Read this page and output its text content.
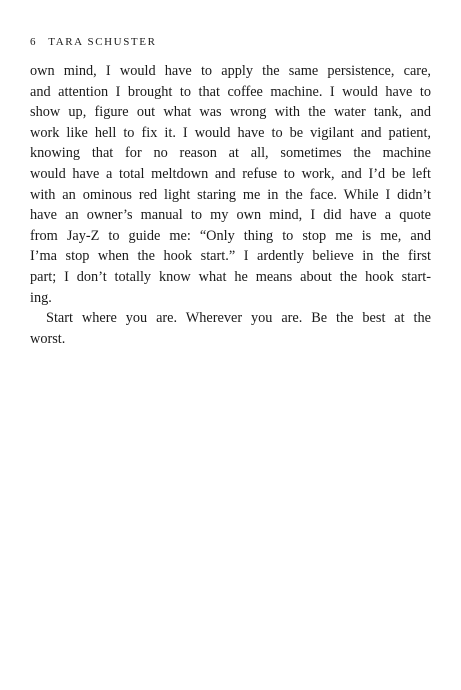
6 TARA SCHUSTER
own mind, I would have to apply the same persistence, care,
and attention I brought to that coffee machine. I would have to
show up, figure out what was wrong with the water tank, and
work like hell to fix it. I would have to be vigilant and patient,
knowing that for no reason at all, sometimes the machine
would have a total meltdown and refuse to work, and I’d be left
with an ominous red light staring me in the face. While I didn’t
have an owner’s manual to my own mind, I did have a quote
from Jay-Z to guide me: “Only thing to stop me is me, and
I’ma stop when the hook start.” I ardently believe in the first
part; I don’t totally know what he means about the hook start-
ing.
Start where you are. Wherever you are. Be the best at the
worst.
